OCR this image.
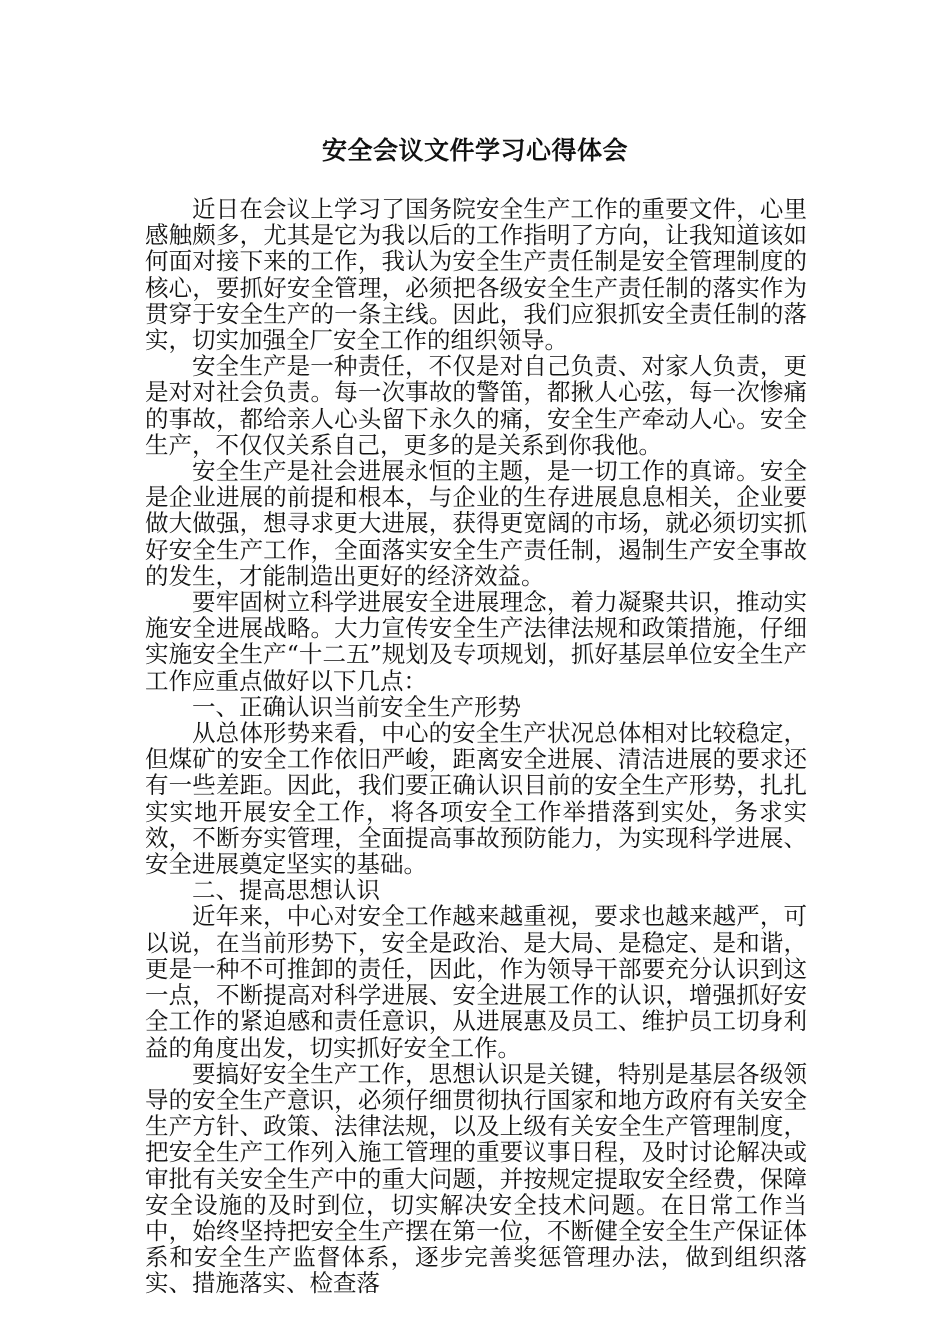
安全会议文件学习心得体会

近日在会议上学习了国务院安全生产工作的重要文件，心里感触颇多，尤其是它为我以后的工作指明了方向，让我知道该如何面对接下来的工作，我认为安全生产责任制是安全管理制度的核心，要抓好安全管理，必须把各级安全生产责任制的落实作为贯穿于安全生产的一条主线。因此，我们应狠抓安全责任制的落实，切实加强全厂安全工作的组织领导。

安全生产是一种责任，不仅是对自己负责、对家人负责，更是对对社会负责。每一次事故的警笛，都揪人心弦，每一次惨痛的事故，都给亲人心头留下永久的痛，安全生产牵动人心。安全生产，不仅仅关系自己，更多的是关系到你我他。

安全生产是社会进展永恒的主题，是一切工作的真谛。安全是企业进展的前提和根本，与企业的生存进展息息相关，企业要做大做强，想寻求更大进展，获得更宽阔的市场，就必须切实抓好安全生产工作，全面落实安全生产责任制，遏制生产安全事故的发生，才能制造出更好的经济效益。

要牢固树立科学进展安全进展理念，着力凝聚共识，推动实施安全进展战略。大力宣传安全生产法律法规和政策措施，仔细实施安全生产“十二五”规划及专项规划，抓好基层单位安全生产工作应重点做好以下几点：

一、正确认识当前安全生产形势

从总体形势来看，中心的安全生产状况总体相对比较稳定，但煤矿的安全工作依旧严峻，距离安全进展、清洁进展的要求还有一些差距。因此，我们要正确认识目前的安全生产形势，扎扎实实地开展安全工作，将各项安全工作举措落到实处，务求实效，不断夯实管理，全面提高事故预防能力，为实现科学进展、安全进展奠定坚实的基础。

二、提高思想认识

近年来，中心对安全工作越来越重视，要求也越来越严，可以说，在当前形势下，安全是政治、是大局、是稳定、是和谐，更是一种不可推卸的责任，因此，作为领导干部要充分认识到这一点，不断提高对科学进展、安全进展工作的认识，增强抓好安全工作的紧迫感和责任意识，从进展惠及员工、维护员工切身利益的角度出发，切实抓好安全工作。

要搞好安全生产工作，思想认识是关键，特别是基层各级领导的安全生产意识，必须仔细贯彻执行国家和地方政府有关安全生产方针、政策、法律法规，以及上级有关安全生产管理制度，把安全生产工作列入施工管理的重要议事日程，及时讨论解决或审批有关安全生产中的重大问题，并按规定提取安全经费，保障安全设施的及时到位，切实解决安全技术问题。在日常工作当中，始终坚持把安全生产摆在第一位，不断健全安全生产保证体系和安全生产监督体系，逐步完善奖惩管理办法，做到组织落实、措施落实、检查落
